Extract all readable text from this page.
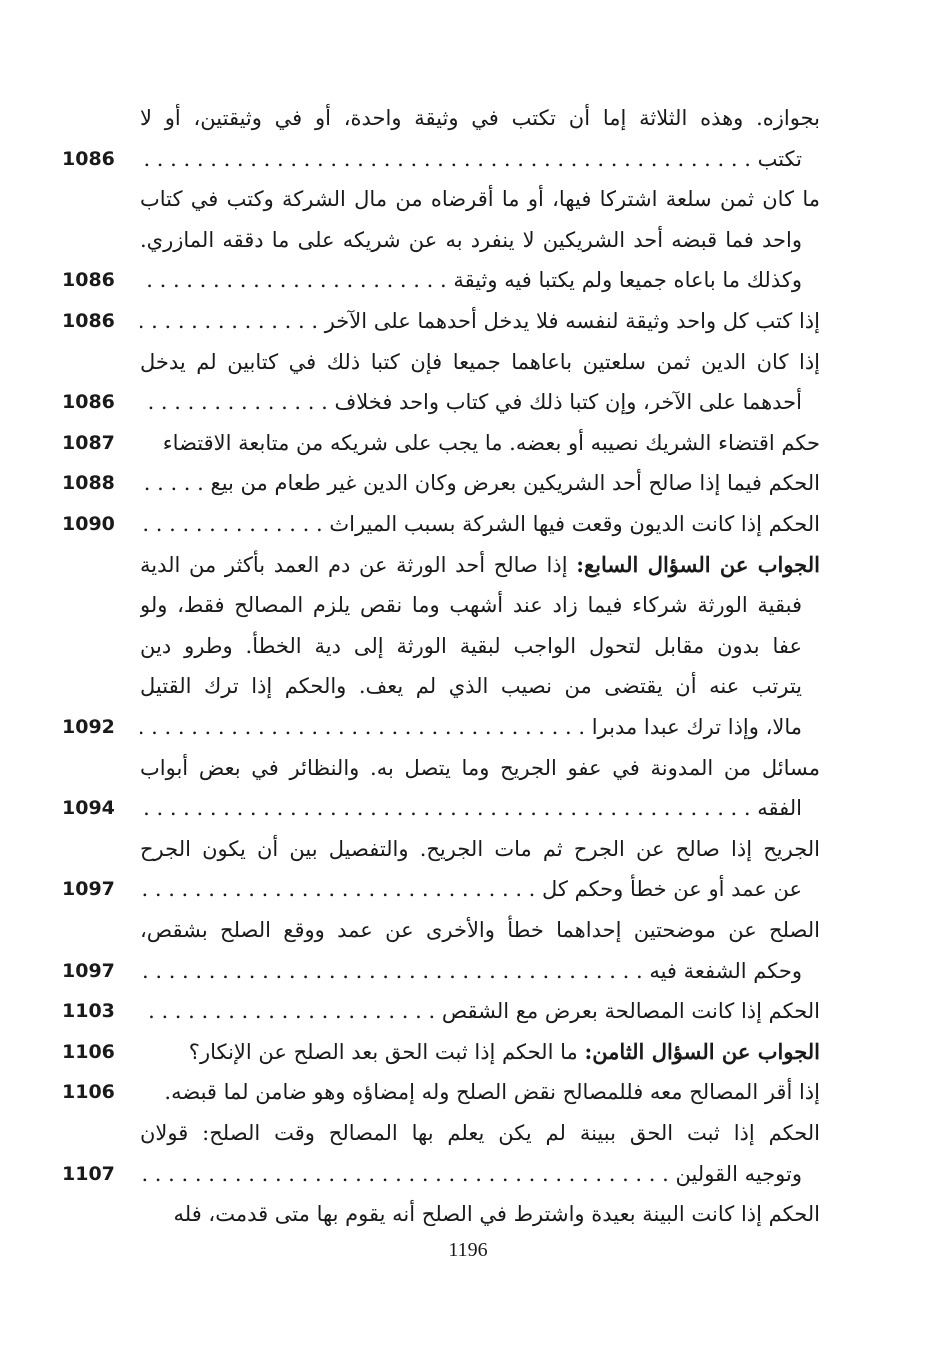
بجوازه. وهذه الثلاثة إما أن تكتب في وثيقة واحدة، أو في وثيقتين، أو لا
تكتب . . .
1086
ما كان ثمن سلعة اشتركا فيها، أو ما أقرضاه من مال الشركة وكتب في كتاب
واحد فما قبضه أحد الشريكين لا ينفرد به عن شريكه على ما دققه المازري.
وكذلك ما باعاه جميعا ولم يكتبا فيه وثيقة . . .
1086
إذا كتب كل واحد وثيقة لنفسه فلا يدخل أحدهما على الآخر . . .
1086
إذا كان الدين ثمن سلعتين باعاهما جميعا فإن كتبا ذلك في كتابين لم يدخل
أحدهما على الآخر، وإن كتبا ذلك في كتاب واحد فخلاف . . .
1086
حكم اقتضاء الشريك نصيبه أو بعضه. ما يجب على شريكه من متابعة الاقتضاء
1087
الحكم فيما إذا صالح أحد الشريكين بعرض وكان الدين غير طعام من بيع . . .
1088
الحكم إذا كانت الديون وقعت فيها الشركة بسبب الميراث . . .
1090
الجواب عن السؤال السابع: إذا صالح أحد الورثة عن دم العمد بأكثر من الدية
فبقية الورثة شركاء فيما زاد عند أشهب وما نقص يلزم المصالح فقط، ولو
عفا بدون مقابل لتحول الواجب لبقية الورثة إلى دية الخطأ. وطرو دين
يترتب عنه أن يقتضى من نصيب الذي لم يعف. والحكم إذا ترك القتيل
مالا، وإذا ترك عبدا مدبرا . . .
1092
مسائل من المدونة في عفو الجريح وما يتصل به. والنظائر في بعض أبواب
الفقه . . .
1094
الجريح إذا صالح عن الجرح ثم مات الجريح. والتفصيل بين أن يكون الجرح
عن عمد أو عن خطأ وحكم كل . . .
1097
الصلح عن موضحتين إحداهما خطأ والأخرى عن عمد ووقع الصلح بشقص،
وحكم الشفعة فيه . . .
1097
الحكم إذا كانت المصالحة بعرض مع الشقص . . .
1103
الجواب عن السؤال الثامن: ما الحكم إذا ثبت الحق بعد الصلح عن الإنكار؟
1106
إذا أقر المصالح معه فللمصالح نقض الصلح وله إمضاؤه وهو ضامن لما قبضه.
1106
الحكم إذا ثبت الحق ببينة لم يكن يعلم بها المصالح وقت الصلح: قولان
وتوجيه القولين . . .
1107
الحكم إذا كانت البينة بعيدة واشترط في الصلح أنه يقوم بها متى قدمت، فله
1196
